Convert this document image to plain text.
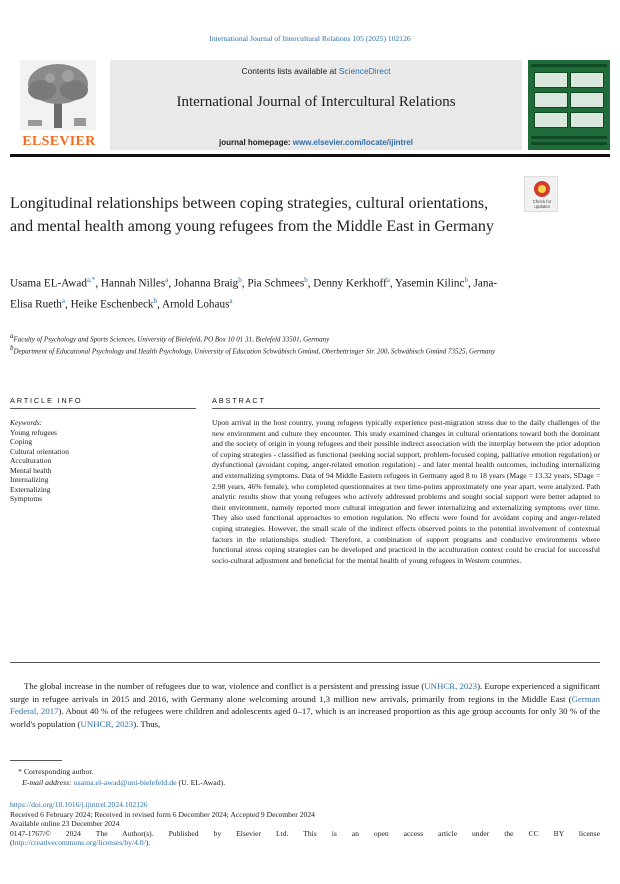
International Journal of Intercultural Relations 105 (2025) 102126
ELSEVIER
Contents lists available at ScienceDirect
International Journal of Intercultural Relations
journal homepage: www.elsevier.com/locate/ijintrel
Check for updates
Longitudinal relationships between coping strategies, cultural orientations, and mental health among young refugees from the Middle East in Germany
Usama EL-Awad$^{a,*}$, Hannah Nilles$^a$, Johanna Braig$^b$, Pia Schmees$^b$, Denny Kerkhoff$^a$, Yasemin Kilinc$^b$, Jana-Elisa Rueth$^a$, Heike Eschenbeck$^b$, Arnold Lohaus$^a$
$^a$Faculty of Psychology and Sports Sciences, University of Bielefeld, PO Box 10 01 31, Bielefeld 33501, Germany
$^b$Department of Educational Psychology and Health Psychology, University of Education Schwäbisch Gmünd, Oberbettringer Str. 200, Schwäbisch Gmünd 73525, Germany
ARTICLE INFO	ABSTRACT
Keywords:
Young refugees
Coping
Cultural orientation
Acculturation
Mental health
Internalizing
Externalizing
Symptoms
Upon arrival in the host country, young refugees typically experience post-migration stress due to the daily challenges of the new environment and culture they encounter. This study examined changes in cultural orientations toward both the dominant and the society of origin in young refugees and their possible indirect association with the interplay between the prior adoption of coping strategies - classified as functional (seeking social support, problem-focused coping, palliative emotion regulation) or dysfunctional (avoidant coping, anger-related emotion regulation) - and later mental health outcomes, including internalizing and externalizing symptoms. Data of 94 Middle Eastern refugees in Germany aged 8 to 18 years (Mage = 13.32 years, SDage = 2.98 years, 46% female), who completed questionnaires at two time-points approximately one year apart, were analyzed. Path analytic results show that young refugees who actively addressed problems and sought social support were better adapted to their environment, namely reported more cultural integration and fewer internalizing and externalizing symptoms over time. They also used functional approaches to emotion regulation. No effects were found for avoidant coping and anger-related coping strategies. However, the small scale of the indirect effects observed points to the potential involvement of contextual factors in the relationships studied. Therefore, a combination of support programs and conducive environments where functional stress coping strategies can be developed and practiced in the acculturation context could be crucial for successful socio-cultural adjustment and beneficial for the mental health of young refugees in Western countries.
The global increase in the number of refugees due to war, violence and conflict is a persistent and pressing issue (UNHCR, 2023). Europe experienced a significant surge in refugee arrivals in 2015 and 2016, with Germany alone welcoming around 1,3 million new arrivals, primarily from regions in the Middle East (German Federal, 2017). About 40 % of the refugees were children and adolescents aged 0–17, which is an increased proportion as this age group accounts for only 30 % of the world's population (UNHCR, 2023). Thus,
* Corresponding author.
E-mail address: usama.el-awad@uni-bielefeld.de (U. EL-Awad).
https://doi.org/10.1016/j.ijintrel.2024.102126
Received 6 February 2024; Received in revised form 6 December 2024; Accepted 9 December 2024
Available online 23 December 2024
0147-1767/© 2024 The Author(s). Published by Elsevier Ltd. This is an open access article under the CC BY license
(http://creativecommons.org/licenses/by/4.0/).
